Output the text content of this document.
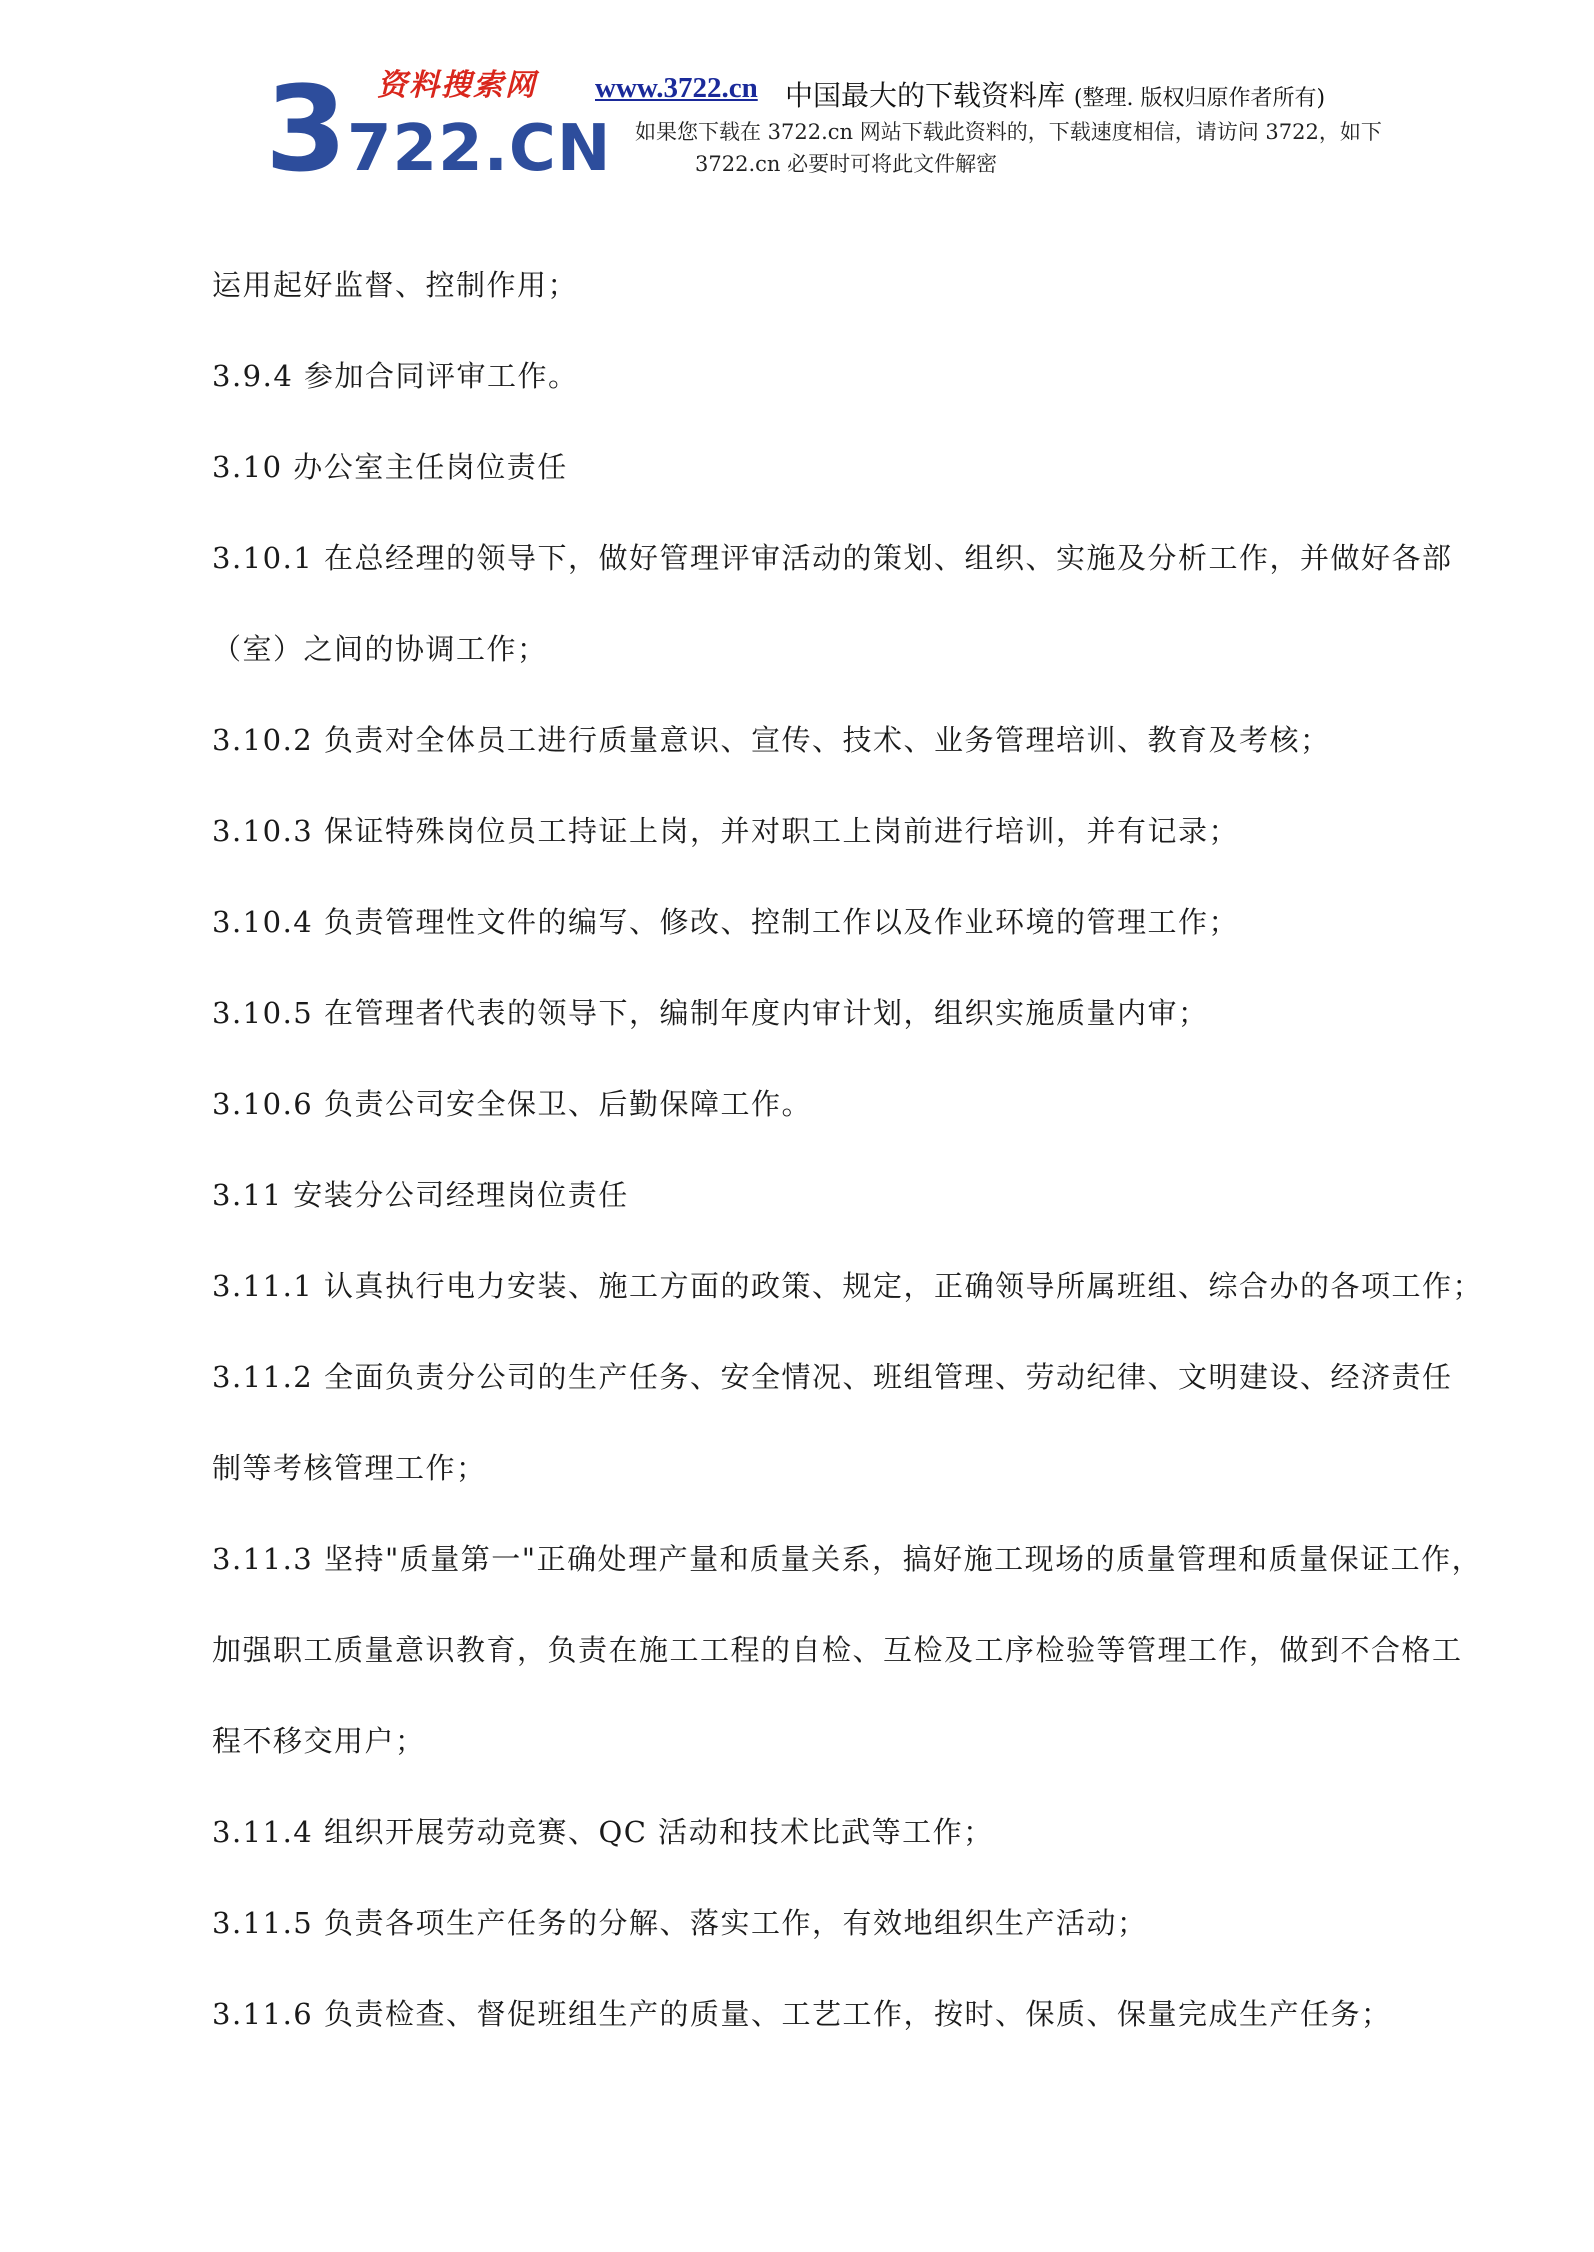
3 资料搜索网
722.CN
www.3722.cn 中国最大的下载资料库 (整理. 版权归原作者所有)
如果您下载在 3722.cn 网站下载此资料的，下载速度相信，请访问 3722，如下
3722.cn 必要时可将此文件解密
运用起好监督、控制作用；
3.9.4 参加合同评审工作。
3.10 办公室主任岗位责任
3.10.1 在总经理的领导下，做好管理评审活动的策划、组织、实施及分析工作，并做好各部
（室）之间的协调工作；
3.10.2 负责对全体员工进行质量意识、宣传、技术、业务管理培训、教育及考核；
3.10.3 保证特殊岗位员工持证上岗，并对职工上岗前进行培训，并有记录；
3.10.4 负责管理性文件的编写、修改、控制工作以及作业环境的管理工作；
3.10.5 在管理者代表的领导下，编制年度内审计划，组织实施质量内审；
3.10.6 负责公司安全保卫、后勤保障工作。
3.11 安装分公司经理岗位责任
3.11.1 认真执行电力安装、施工方面的政策、规定，正确领导所属班组、综合办的各项工作；
3.11.2 全面负责分公司的生产任务、安全情况、班组管理、劳动纪律、文明建设、经济责任
制等考核管理工作；
3.11.3 坚持"质量第一"正确处理产量和质量关系，搞好施工现场的质量管理和质量保证工作，
加强职工质量意识教育，负责在施工工程的自检、互检及工序检验等管理工作，做到不合格工
程不移交用户；
3.11.4 组织开展劳动竞赛、QC 活动和技术比武等工作；
3.11.5 负责各项生产任务的分解、落实工作，有效地组织生产活动；
3.11.6 负责检查、督促班组生产的质量、工艺工作，按时、保质、保量完成生产任务；
